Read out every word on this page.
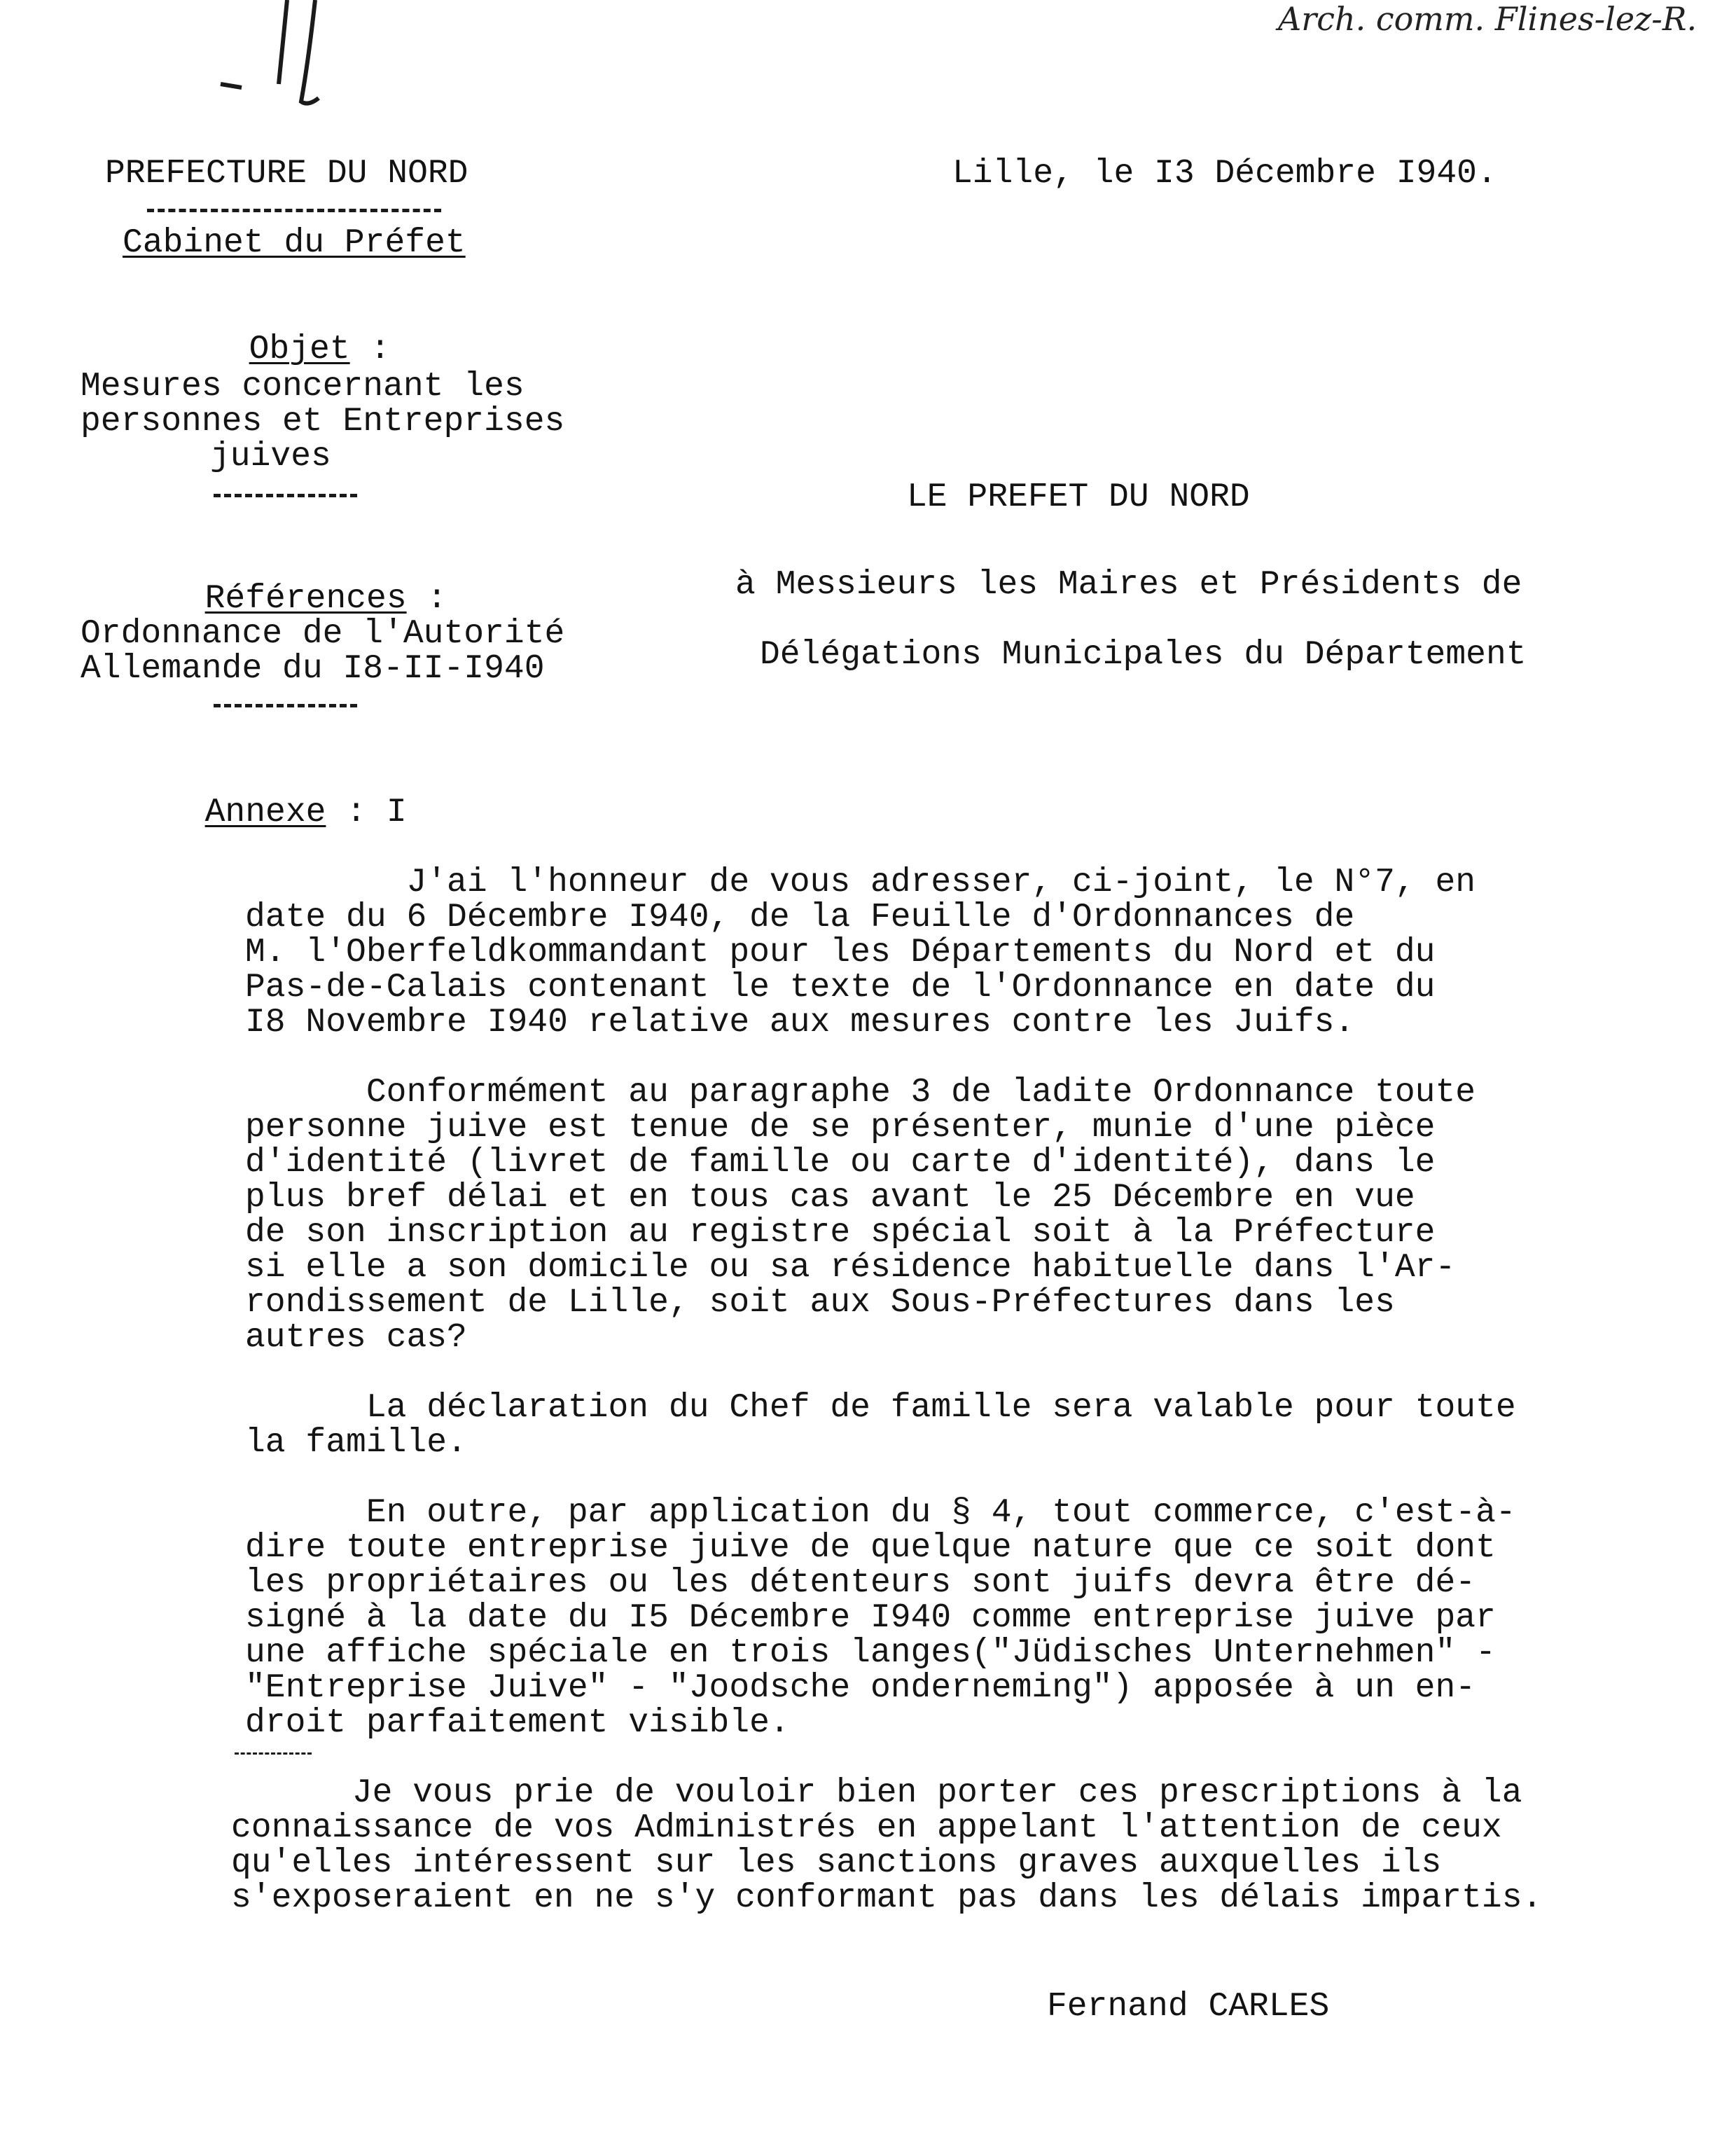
Arch. comm. Flines-lez-R.
PREFECTURE DU NORD
Cabinet du Préfet

Objet :

Mesures concernant les
personnes et Entreprises
juives

Références :

Ordonnance de l'Autorité
Allemande du I8-II-I940

Annexe : I

Lille, le I3 Décembre I940.
LE PREFET DU NORD
à Messieurs les Maires et Présidents de
Délégations Municipales du Département
J'ai l'honneur de vous adresser, ci-joint, le N°7, en
date du 6 Décembre I940, de la Feuille d'Ordonnances de
M. l'Oberfeldkommandant pour les Départements du Nord et du
Pas-de-Calais contenant le texte de l'Ordonnance en date du
I8 Novembre I940 relative aux mesures contre les Juifs.
Conformément au paragraphe 3 de ladite Ordonnance toute
personne juive est tenue de se présenter, munie d'une pièce
d'identité (livret de famille ou carte d'identité), dans le
plus bref délai et en tous cas avant le 25 Décembre en vue
de son inscription au registre spécial soit à la Préfecture
si elle a son domicile ou sa résidence habituelle dans l'Ar-
rondissement de Lille, soit aux Sous-Préfectures dans les
autres cas?
La déclaration du Chef de famille sera valable pour toute
la famille.
En outre, par application du § 4, tout commerce, c'est-à-
dire toute entreprise juive de quelque nature que ce soit dont
les propriétaires ou les détenteurs sont juifs devra être dé-
signé à la date du I5 Décembre I940 comme entreprise juive par
une affiche spéciale en trois langes("Jüdisches Unternehmen" -
"Entreprise Juive" - "Joodsche onderneming") apposée à un en-
droit parfaitement visible.
Je vous prie de vouloir bien porter ces prescriptions à la
connaissance de vos Administrés en appelant l'attention de ceux
qu'elles intéressent sur les sanctions graves auxquelles ils
s'exposeraient en ne s'y conformant pas dans les délais impartis.
Fernand CARLES
